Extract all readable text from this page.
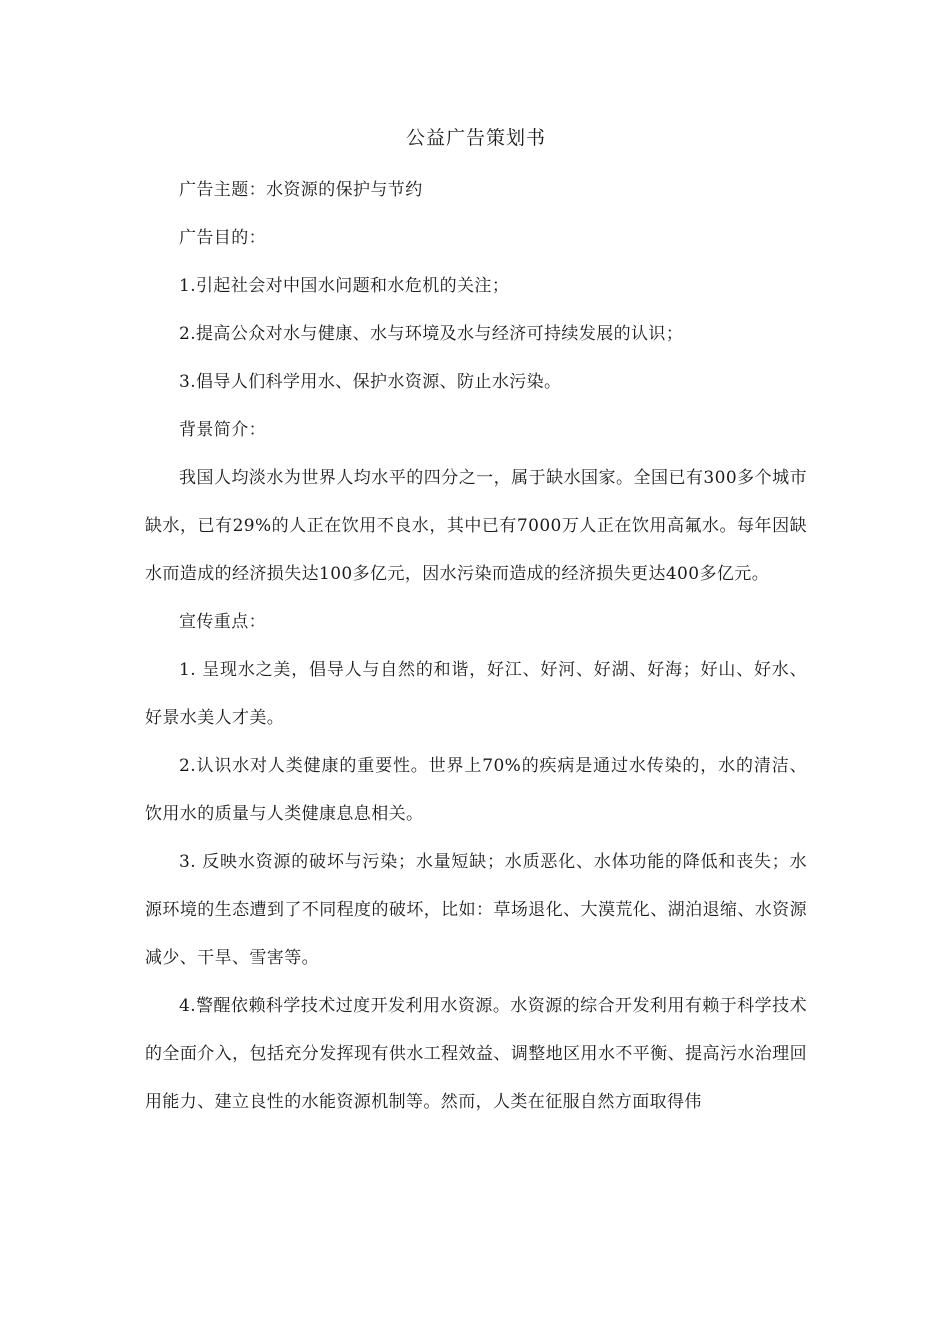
公益广告策划书

广告主题：水资源的保护与节约

广告目的：

1.引起社会对中国水问题和水危机的关注；

2.提高公众对水与健康、水与环境及水与经济可持续发展的认识；

3.倡导人们科学用水、保护水资源、防止水污染。

背景简介：

我国人均淡水为世界人均水平的四分之一，属于缺水国家。全国已有300多个城市缺水，已有29%的人正在饮用不良水，其中已有7000万人正在饮用高氟水。每年因缺水而造成的经济损失达100多亿元，因水污染而造成的经济损失更达400多亿元。

宣传重点：

1. 呈现水之美，倡导人与自然的和谐，好江、好河、好湖、好海；好山、好水、好景水美人才美。

2.认识水对人类健康的重要性。世界上70%的疾病是通过水传染的，水的清洁、饮用水的质量与人类健康息息相关。

3. 反映水资源的破坏与污染；水量短缺；水质恶化、水体功能的降低和丧失；水源环境的生态遭到了不同程度的破坏，比如：草场退化、大漠荒化、湖泊退缩、水资源减少、干旱、雪害等。

4.警醒依赖科学技术过度开发利用水资源。水资源的综合开发利用有赖于科学技术的全面介入，包括充分发挥现有供水工程效益、调整地区用水不平衡、提高污水治理回用能力、建立良性的水能资源机制等。然而，人类在征服自然方面取得伟
